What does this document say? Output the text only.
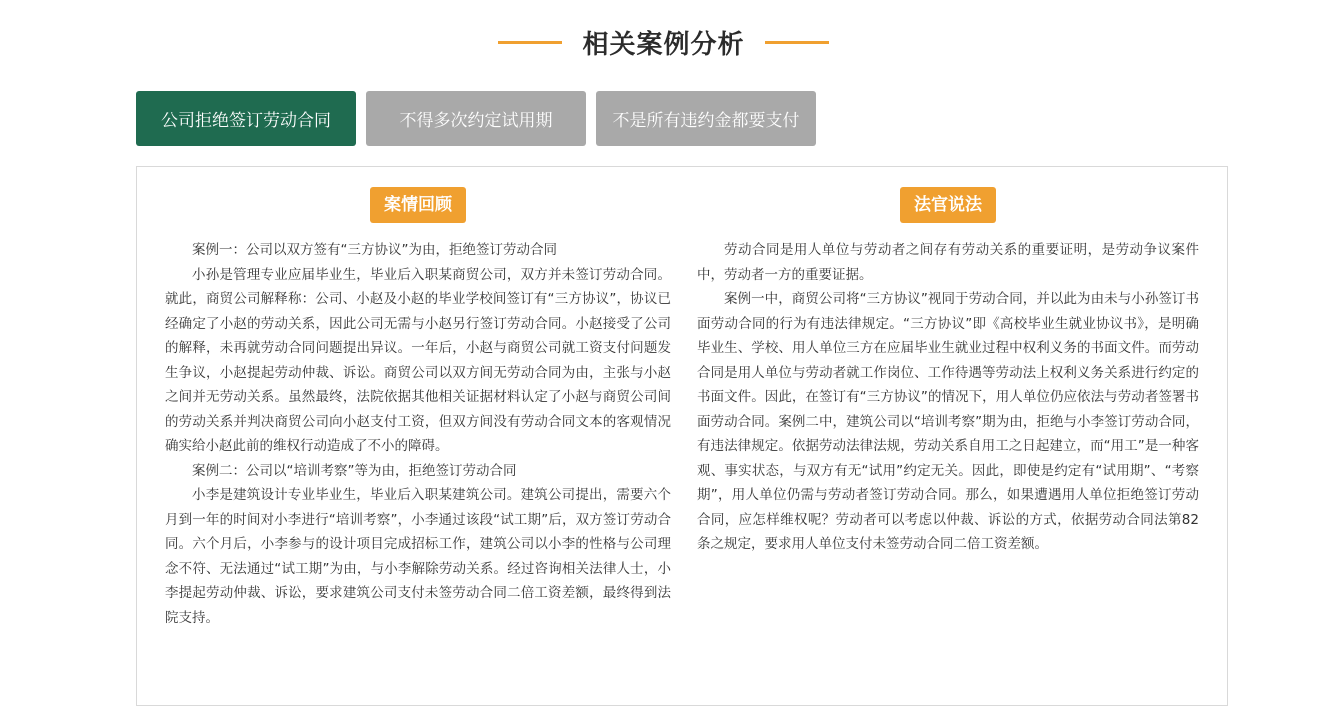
相关案例分析
公司拒绝签订劳动合同	不得多次约定试用期	不是所有违约金都要支付
案情回顾

案例一：公司以双方签有“三方协议”为由，拒绝签订劳动合同

小孙是管理专业应届毕业生，毕业后入职某商贸公司，双方并未签订劳动合同。就此，商贸公司解释称：公司、小赵及小赵的毕业学校间签订有“三方协议”，协议已经确定了小赵的劳动关系，因此公司无需与小赵另行签订劳动合同。小赵接受了公司的解释，未再就劳动合同问题提出异议。一年后，小赵与商贸公司就工资支付问题发生争议，小赵提起劳动仲裁、诉讼。商贸公司以双方间无劳动合同为由，主张与小赵之间并无劳动关系。虽然最终，法院依据其他相关证据材料认定了小赵与商贸公司间的劳动关系并判决商贸公司向小赵支付工资，但双方间没有劳动合同文本的客观情况确实给小赵此前的维权行动造成了不小的障碍。

案例二：公司以“培训考察”等为由，拒绝签订劳动合同

小李是建筑设计专业毕业生，毕业后入职某建筑公司。建筑公司提出，需要六个月到一年的时间对小李进行“培训考察”，小李通过该段“试工期”后，双方签订劳动合同。六个月后，小李参与的设计项目完成招标工作，建筑公司以小李的性格与公司理念不符、无法通过“试工期”为由，与小李解除劳动关系。经过咨询相关法律人士，小李提起劳动仲裁、诉讼，要求建筑公司支付未签劳动合同二倍工资差额，最终得到法院支持。

法官说法

劳动合同是用人单位与劳动者之间存有劳动关系的重要证明，是劳动争议案件中，劳动者一方的重要证据。

案例一中，商贸公司将“三方协议”视同于劳动合同，并以此为由未与小孙签订书面劳动合同的行为有违法律规定。“三方协议”即《高校毕业生就业协议书》，是明确毕业生、学校、用人单位三方在应届毕业生就业过程中权利义务的书面文件。而劳动合同是用人单位与劳动者就工作岗位、工作待遇等劳动法上权利义务关系进行约定的书面文件。因此，在签订有“三方协议”的情况下，用人单位仍应依法与劳动者签署书面劳动合同。案例二中，建筑公司以“培训考察”期为由，拒绝与小李签订劳动合同，有违法律规定。依据劳动法律法规，劳动关系自用工之日起建立，而“用工”是一种客观、事实状态，与双方有无“试用”约定无关。因此，即使是约定有“试用期”、“考察期”，用人单位仍需与劳动者签订劳动合同。那么，如果遭遇用人单位拒绝签订劳动合同，应怎样维权呢？劳动者可以考虑以仲裁、诉讼的方式，依据劳动合同法第82条之规定，要求用人单位支付未签劳动合同二倍工资差额。
